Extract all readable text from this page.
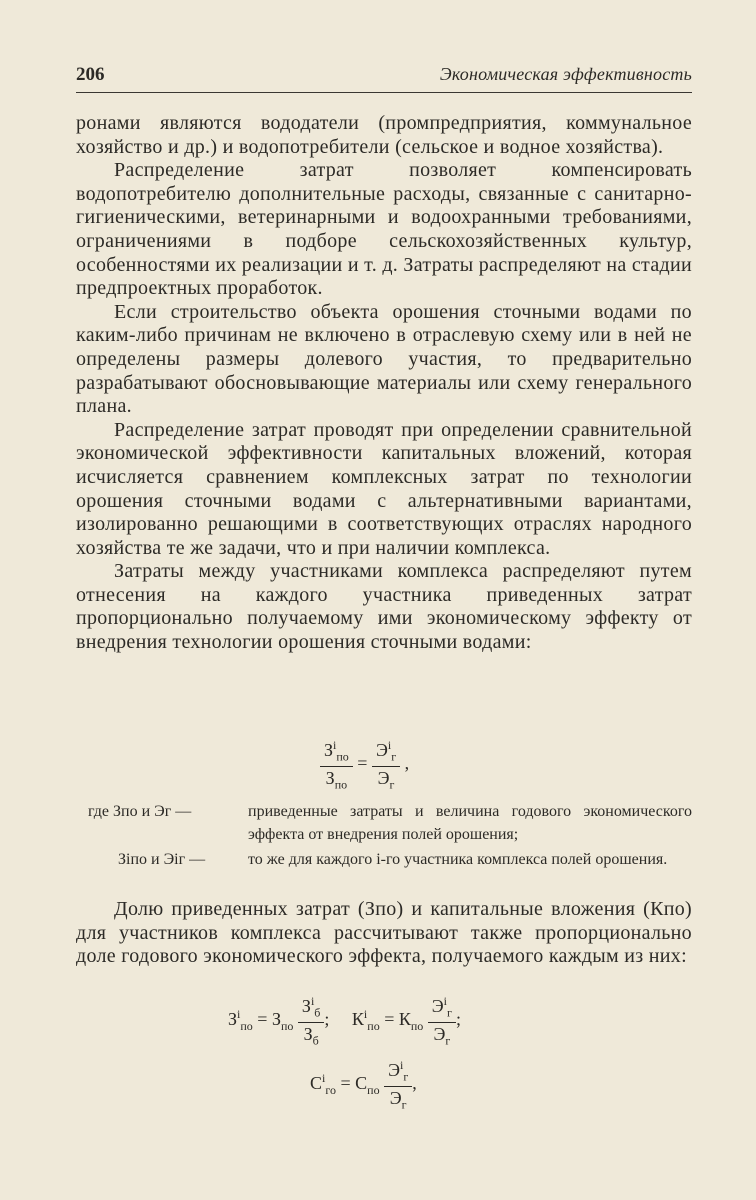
206	Экономическая эффективность

ронами являются вододатели (промпредприятия, коммунальное хозяйство и др.) и водопотребители (сельское и водное хозяйства).

Распределение затрат позволяет компенсировать водопотребителю дополнительные расходы, связанные с санитарно-гигиеническими, ветеринарными и водоохранными требованиями, ограничениями в подборе сельскохозяйственных культур, особенностями их реализации и т. д. Затраты распределяют на стадии предпроектных проработок.

Если строительство объекта орошения сточными водами по каким-либо причинам не включено в отраслевую схему или в ней не определены размеры долевого участия, то предварительно разрабатывают обосновывающие материалы или схему генерального плана.

Распределение затрат проводят при определении сравнительной экономической эффективности капитальных вложений, которая исчисляется сравнением комплексных затрат по технологии орошения сточными водами с альтернативными вариантами, изолированно решающими в соответствующих отраслях народного хозяйства те же задачи, что и при наличии комплекса.

Затраты между участниками комплекса распределяют путем отнесения на каждого участника приведенных затрат пропорционально получаемому ими экономическому эффекту от внедрения технологии орошения сточными водами:

$\frac{З^i_{по}}{З_{по}} = \frac{Э^i_г}{Э_г}$ ,
где Зпо и Эг —	приведенные затраты и величина годового экономического эффекта от внедрения полей орошения;
Зiпо и Эiг —	то же для каждого i-го участника комплекса полей орошения.

Долю приведенных затрат (Зпо) и капитальные вложения (Кпо) для участников комплекса рассчитывают также пропорционально доле годового экономического эффекта, получаемого каждым из них:

$З^i_{по} = З_{по} \frac{З^i_б}{З_б}$ ; $К^i_{по} = К_{по} \frac{Э^i_г}{Э_г}$ ;
$С^i_{го} = С_{по} \frac{Э^i_г}{Э_г}$ ,
